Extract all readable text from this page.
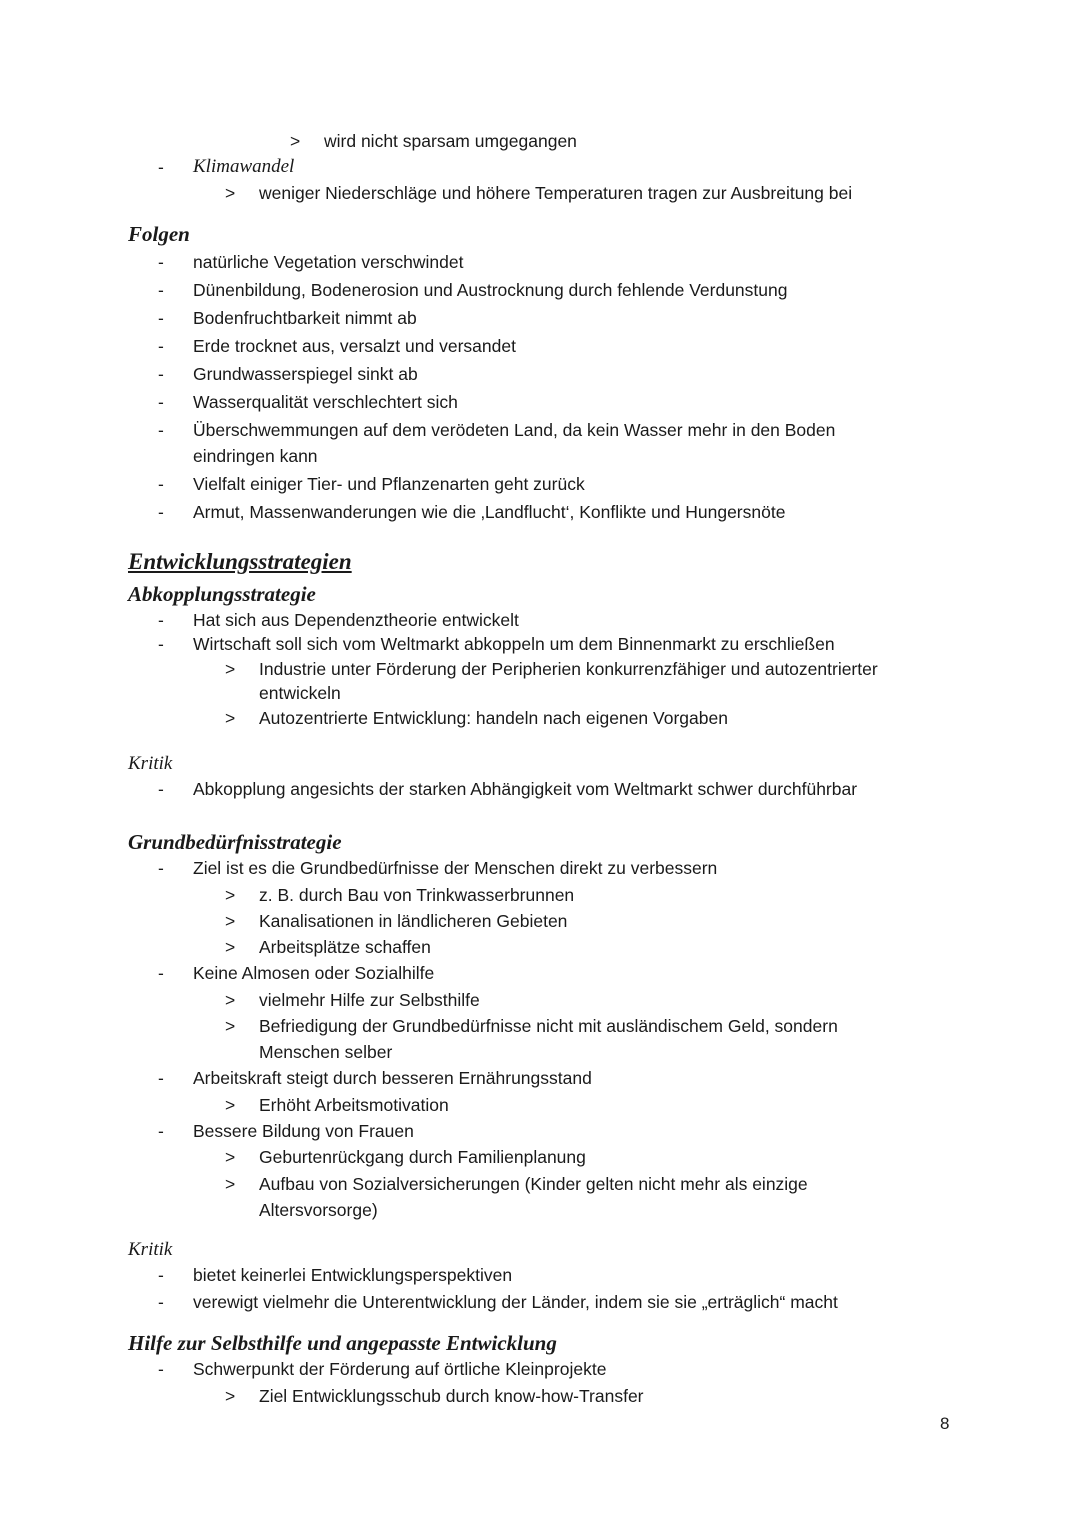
> wird nicht sparsam umgegangen
- Klimawandel
> weniger Niederschläge und höhere Temperaturen tragen zur Ausbreitung bei
Folgen
- natürliche Vegetation verschwindet
- Dünenbildung, Bodenerosion und Austrocknung durch fehlende Verdunstung
- Bodenfruchtbarkeit nimmt ab
- Erde trocknet aus, versalzt und versandet
- Grundwasserspiegel sinkt ab
- Wasserqualität verschlechtert sich
- Überschwemmungen auf dem verödeten Land, da kein Wasser mehr in den Boden
eindringen kann
- Vielfalt einiger Tier- und Pflanzenarten geht zurück
- Armut, Massenwanderungen wie die ‚Landflucht‘, Konflikte und Hungersnöte
Entwicklungsstrategien
Abkopplungsstrategie
- Hat sich aus Dependenztheorie entwickelt
- Wirtschaft soll sich vom Weltmarkt abkoppeln um dem Binnenmarkt zu erschließen
> Industrie unter Förderung der Peripherien konkurrenzfähiger und autozentrierter
entwickeln
> Autozentrierte Entwicklung: handeln nach eigenen Vorgaben
Kritik
- Abkopplung angesichts der starken Abhängigkeit vom Weltmarkt schwer durchführbar
Grundbedürfnisstrategie
- Ziel ist es die Grundbedürfnisse der Menschen direkt zu verbessern
> z. B. durch Bau von Trinkwasserbrunnen
> Kanalisationen in ländlicheren Gebieten
> Arbeitsplätze schaffen
- Keine Almosen oder Sozialhilfe
> vielmehr Hilfe zur Selbsthilfe
> Befriedigung der Grundbedürfnisse nicht mit ausländischem Geld, sondern
Menschen selber
- Arbeitskraft steigt durch besseren Ernährungsstand
> Erhöht Arbeitsmotivation
- Bessere Bildung von Frauen
> Geburtenrückgang durch Familienplanung
> Aufbau von Sozialversicherungen (Kinder gelten nicht mehr als einzige
Altersvorsorge)
Kritik
- bietet keinerlei Entwicklungsperspektiven
- verewigt vielmehr die Unterentwicklung der Länder, indem sie sie „erträglich“ macht
Hilfe zur Selbsthilfe und angepasste Entwicklung
- Schwerpunkt der Förderung auf örtliche Kleinprojekte
> Ziel Entwicklungsschub durch know-how-Transfer
8
